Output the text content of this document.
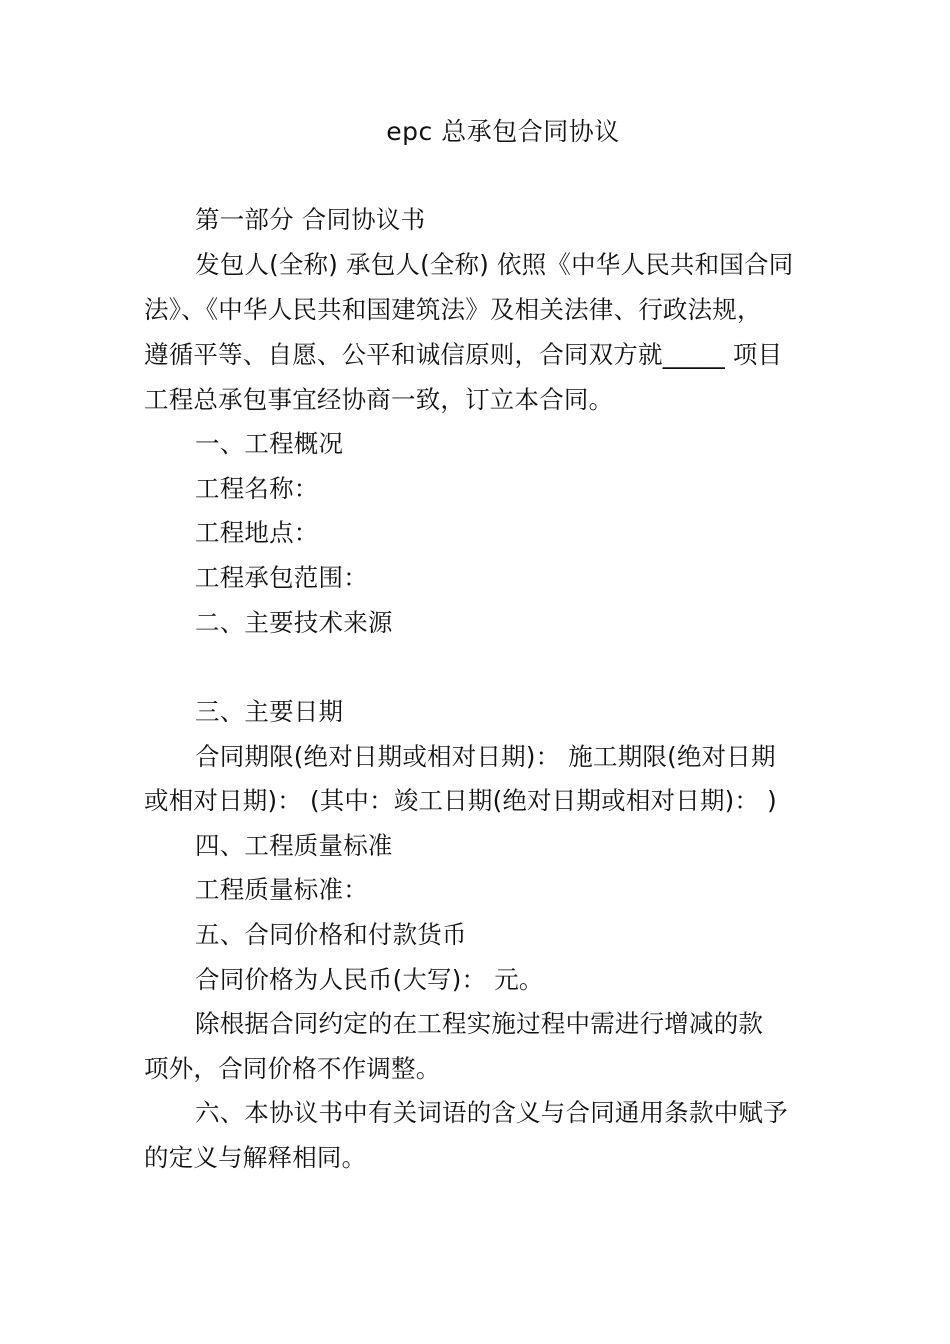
epc 总承包合同协议
第一部分 合同协议书
发包人(全称) 承包人(全称) 依照《中华人民共和国合同
法》、《中华人民共和国建筑法》及相关法律、行政法规，
遵循平等、自愿、公平和诚信原则，合同双方就_____ 项目
工程总承包事宜经协商一致，订立本合同。
一、工程概况
工程名称：
工程地点：
工程承包范围：
二、主要技术来源
三、主要日期
合同期限(绝对日期或相对日期)： 施工期限(绝对日期
或相对日期)： (其中：竣工日期(绝对日期或相对日期)： )
四、工程质量标准
工程质量标准：
五、合同价格和付款货币
合同价格为人民币(大写)： 元。
除根据合同约定的在工程实施过程中需进行增减的款
项外，合同价格不作调整。
六、本协议书中有关词语的含义与合同通用条款中赋予
的定义与解释相同。
